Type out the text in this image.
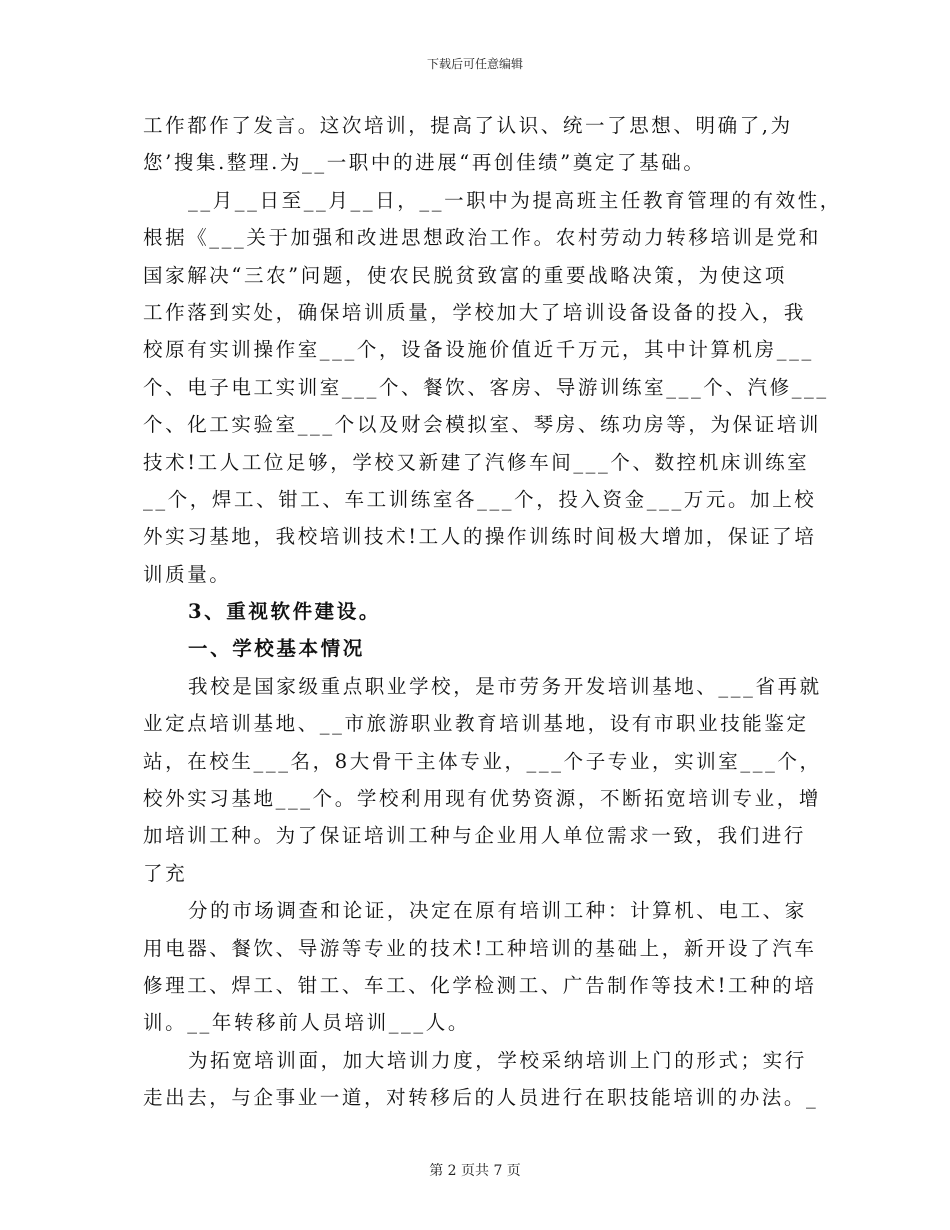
下载后可任意编辑
工作都作了发言。这次培训，提高了认识、统一了思想、明确了,为
您’搜集.整理.为__一职中的进展“再创佳绩”奠定了基础。
__月__日至__月__日，__一职中为提高班主任教育管理的有效性，
根据《___关于加强和改进思想政治工作。农村劳动力转移培训是党和
国家解决“三农”问题，使农民脱贫致富的重要战略决策，为使这项
工作落到实处，确保培训质量，学校加大了培训设备设备的投入，我
校原有实训操作室___个，设备设施价值近千万元，其中计算机房___
个、电子电工实训室___个、餐饮、客房、导游训练室___个、汽修___
个、化工实验室___个以及财会模拟室、琴房、练功房等，为保证培训
技术!工人工位足够，学校又新建了汽修车间___个、数控机床训练室
__个，焊工、钳工、车工训练室各___个，投入资金___万元。加上校
外实习基地，我校培训技术!工人的操作训练时间极大增加，保证了培
训质量。
3、重视软件建设。
一、学校基本情况
我校是国家级重点职业学校，是市劳务开发培训基地、___省再就
业定点培训基地、__市旅游职业教育培训基地，设有市职业技能鉴定
站，在校生___名，8大骨干主体专业，___个子专业，实训室___个，
校外实习基地___个。学校利用现有优势资源，不断拓宽培训专业，增
加培训工种。为了保证培训工种与企业用人单位需求一致，我们进行
了充
分的市场调查和论证，决定在原有培训工种：计算机、电工、家
用电器、餐饮、导游等专业的技术!工种培训的基础上，新开设了汽车
修理工、焊工、钳工、车工、化学检测工、广告制作等技术!工种的培
训。__年转移前人员培训___人。
为拓宽培训面，加大培训力度，学校采纳培训上门的形式；实行
走出去，与企事业一道，对转移后的人员进行在职技能培训的办法。_
第 2 页共 7 页
